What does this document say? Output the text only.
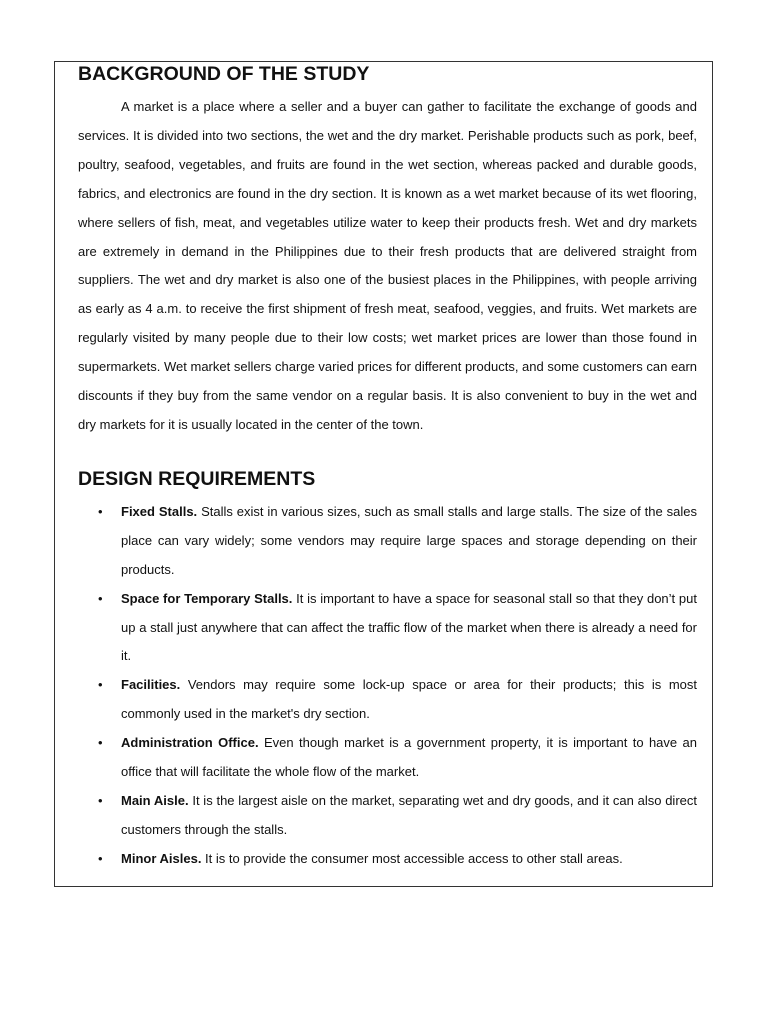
BACKGROUND OF THE STUDY

A market is a place where a seller and a buyer can gather to facilitate the exchange of goods and services. It is divided into two sections, the wet and the dry market. Perishable products such as pork, beef, poultry, seafood, vegetables, and fruits are found in the wet section, whereas packed and durable goods, fabrics, and electronics are found in the dry section. It is known as a wet market because of its wet flooring, where sellers of fish, meat, and vegetables utilize water to keep their products fresh. Wet and dry markets are extremely in demand in the Philippines due to their fresh products that are delivered straight from suppliers. The wet and dry market is also one of the busiest places in the Philippines, with people arriving as early as 4 a.m. to receive the first shipment of fresh meat, seafood, veggies, and fruits. Wet markets are regularly visited by many people due to their low costs; wet market prices are lower than those found in supermarkets. Wet market sellers charge varied prices for different products, and some customers can earn discounts if they buy from the same vendor on a regular basis. It is also convenient to buy in the wet and dry markets for it is usually located in the center of the town.

DESIGN REQUIREMENTS
• Fixed Stalls. Stalls exist in various sizes, such as small stalls and large stalls. The size of the sales place can vary widely; some vendors may require large spaces and storage depending on their products.
• Space for Temporary Stalls. It is important to have a space for seasonal stall so that they don’t put up a stall just anywhere that can affect the traffic flow of the market when there is already a need for it.
• Facilities. Vendors may require some lock-up space or area for their products; this is most commonly used in the market's dry section.
• Administration Office. Even though market is a government property, it is important to have an office that will facilitate the whole flow of the market.
• Main Aisle. It is the largest aisle on the market, separating wet and dry goods, and it can also direct customers through the stalls.
• Minor Aisles. It is to provide the consumer most accessible access to other stall areas.
